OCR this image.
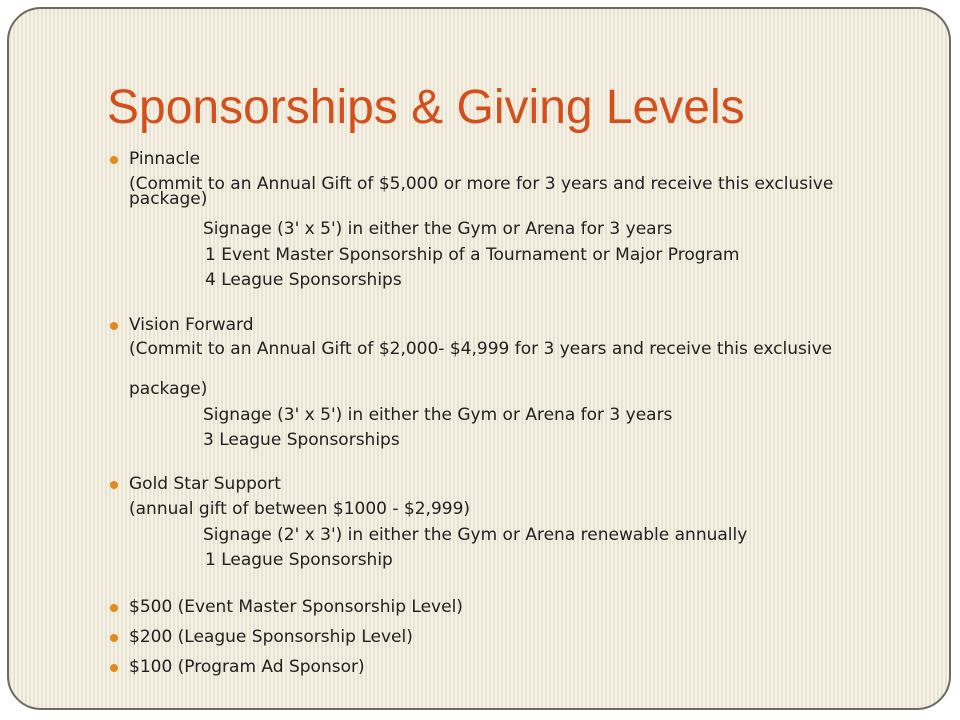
Sponsorships & Giving Levels
Pinnacle
(Commit to an Annual Gift of $5,000 or more for 3 years and receive this exclusive package)
Signage (3' x 5') in either the Gym or Arena for 3 years
1 Event Master Sponsorship of a Tournament or Major Program
4 League Sponsorships
Vision Forward
(Commit to an Annual Gift of $2,000- $4,999 for 3 years and receive this exclusive
package)
Signage (3' x 5') in either the Gym or Arena for 3 years
3 League Sponsorships
Gold Star Support
(annual gift of between $1000 - $2,999)
Signage (2' x 3') in either the Gym or Arena renewable annually
1 League Sponsorship
$500 (Event Master Sponsorship Level)
$200 (League Sponsorship Level)
$100 (Program Ad Sponsor)
